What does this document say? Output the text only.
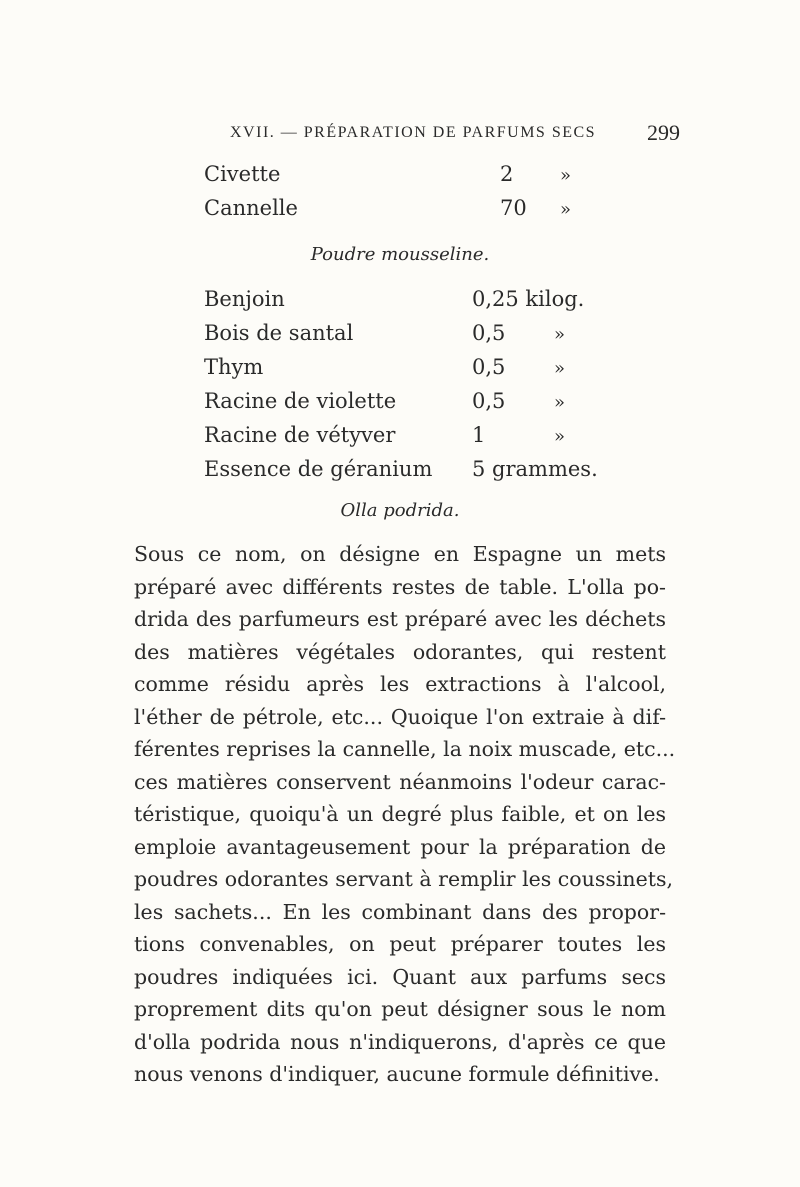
XVII. — PRÉPARATION DE PARFUMS SECS 299
Civette	2	»
Cannelle	70 »
Poudre mousseline.
Benjoin	0,25 kilog.
Bois de santal	0,5	»
Thym	0,5	»
Racine de violette	0,5	»
Racine de vétyver	1	»
Essence de géranium 5 grammes.
Olla podrida.
Sous ce nom, on désigne en Espagne un mets
préparé avec différents restes de table. L'olla po-
drida des parfumeurs est préparé avec les déchets
des matières végétales odorantes, qui restent
comme résidu après les extractions à l'alcool,
l'éther de pétrole, etc... Quoique l'on extraie à dif-
férentes reprises la cannelle, la noix muscade, etc...
ces matières conservent néanmoins l'odeur carac-
téristique, quoiqu'à un degré plus faible, et on les
emploie avantageusement pour la préparation de
poudres odorantes servant à remplir les coussinets,
les sachets... En les combinant dans des propor-
tions convenables, on peut préparer toutes les
poudres indiquées ici. Quant aux parfums secs
proprement dits qu'on peut désigner sous le nom
d'olla podrida nous n'indiquerons, d'après ce que
nous venons d'indiquer, aucune formule définitive.
